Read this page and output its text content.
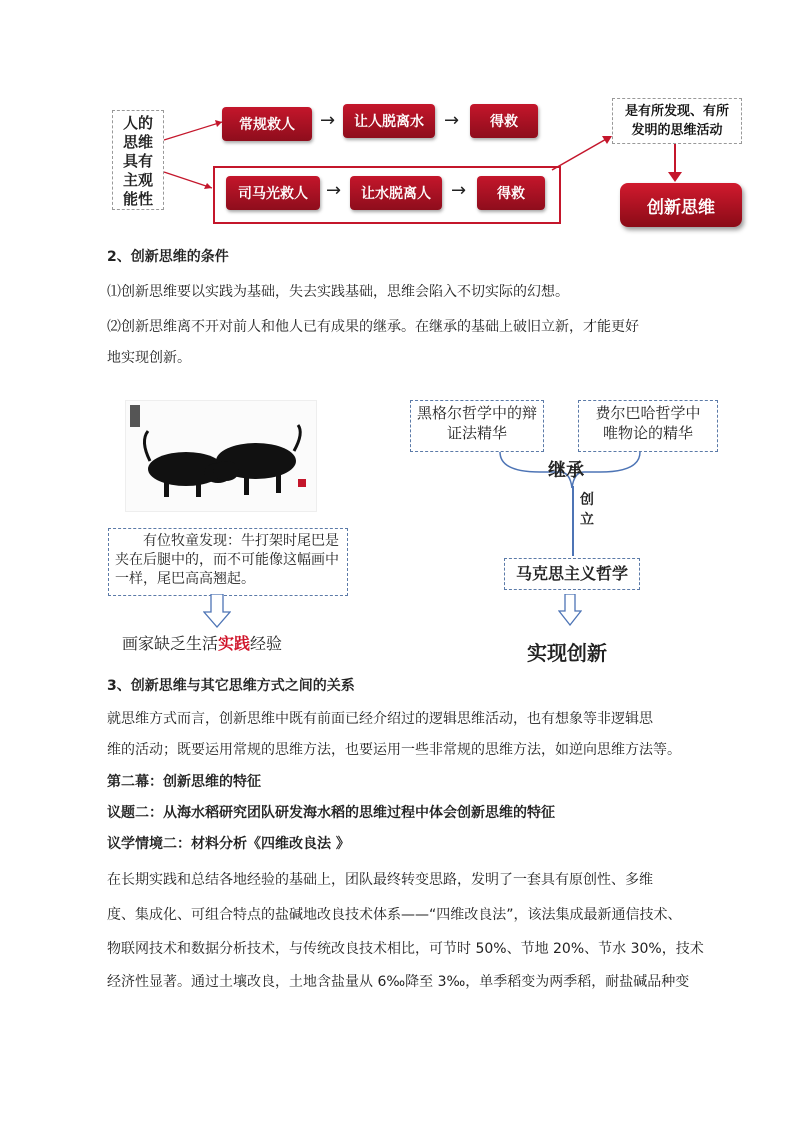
人的思维具有主观能性
常规救人	→	让人脱离水	→	得救
司马光救人	→	让水脱离人	→	得救
是有所发现、有所发明的思维活动
创新思维
2、创新思维的条件
⑴创新思维要以实践为基础，失去实践基础，思维会陷入不切实际的幻想。
⑵创新思维离不开对前人和他人已有成果的继承。在继承的基础上破旧立新，才能更好
地实现创新。
有位牧童发现：牛打架时尾巴是夹在后腿中的，而不可能像这幅画中一样，尾巴高高翘起。
画家缺乏生活实践经验
黑格尔哲学中的辩证法精华
费尔巴哈哲学中唯物论的精华
继承
创立
马克思主义哲学
实现创新
3、创新思维与其它思维方式之间的关系
就思维方式而言，创新思维中既有前面已经介绍过的逻辑思维活动，也有想象等非逻辑思
维的活动；既要运用常规的思维方法，也要运用一些非常规的思维方法，如逆向思维方法等。
第二幕：创新思维的特征
议题二：从海水稻研究团队研发海水稻的思维过程中体会创新思维的特征
议学情境二：材料分析《四维改良法 》
在长期实践和总结各地经验的基础上，团队最终转变思路，发明了一套具有原创性、多维
度、集成化、可组合特点的盐碱地改良技术体系——“四维改良法”，该法集成最新通信技术、
物联网技术和数据分析技术，与传统改良技术相比，可节时 50%、节地 20%、节水 30%，技术
经济性显著。通过土壤改良，土地含盐量从 6‰降至 3‰，单季稻变为两季稻，耐盐碱品种变
